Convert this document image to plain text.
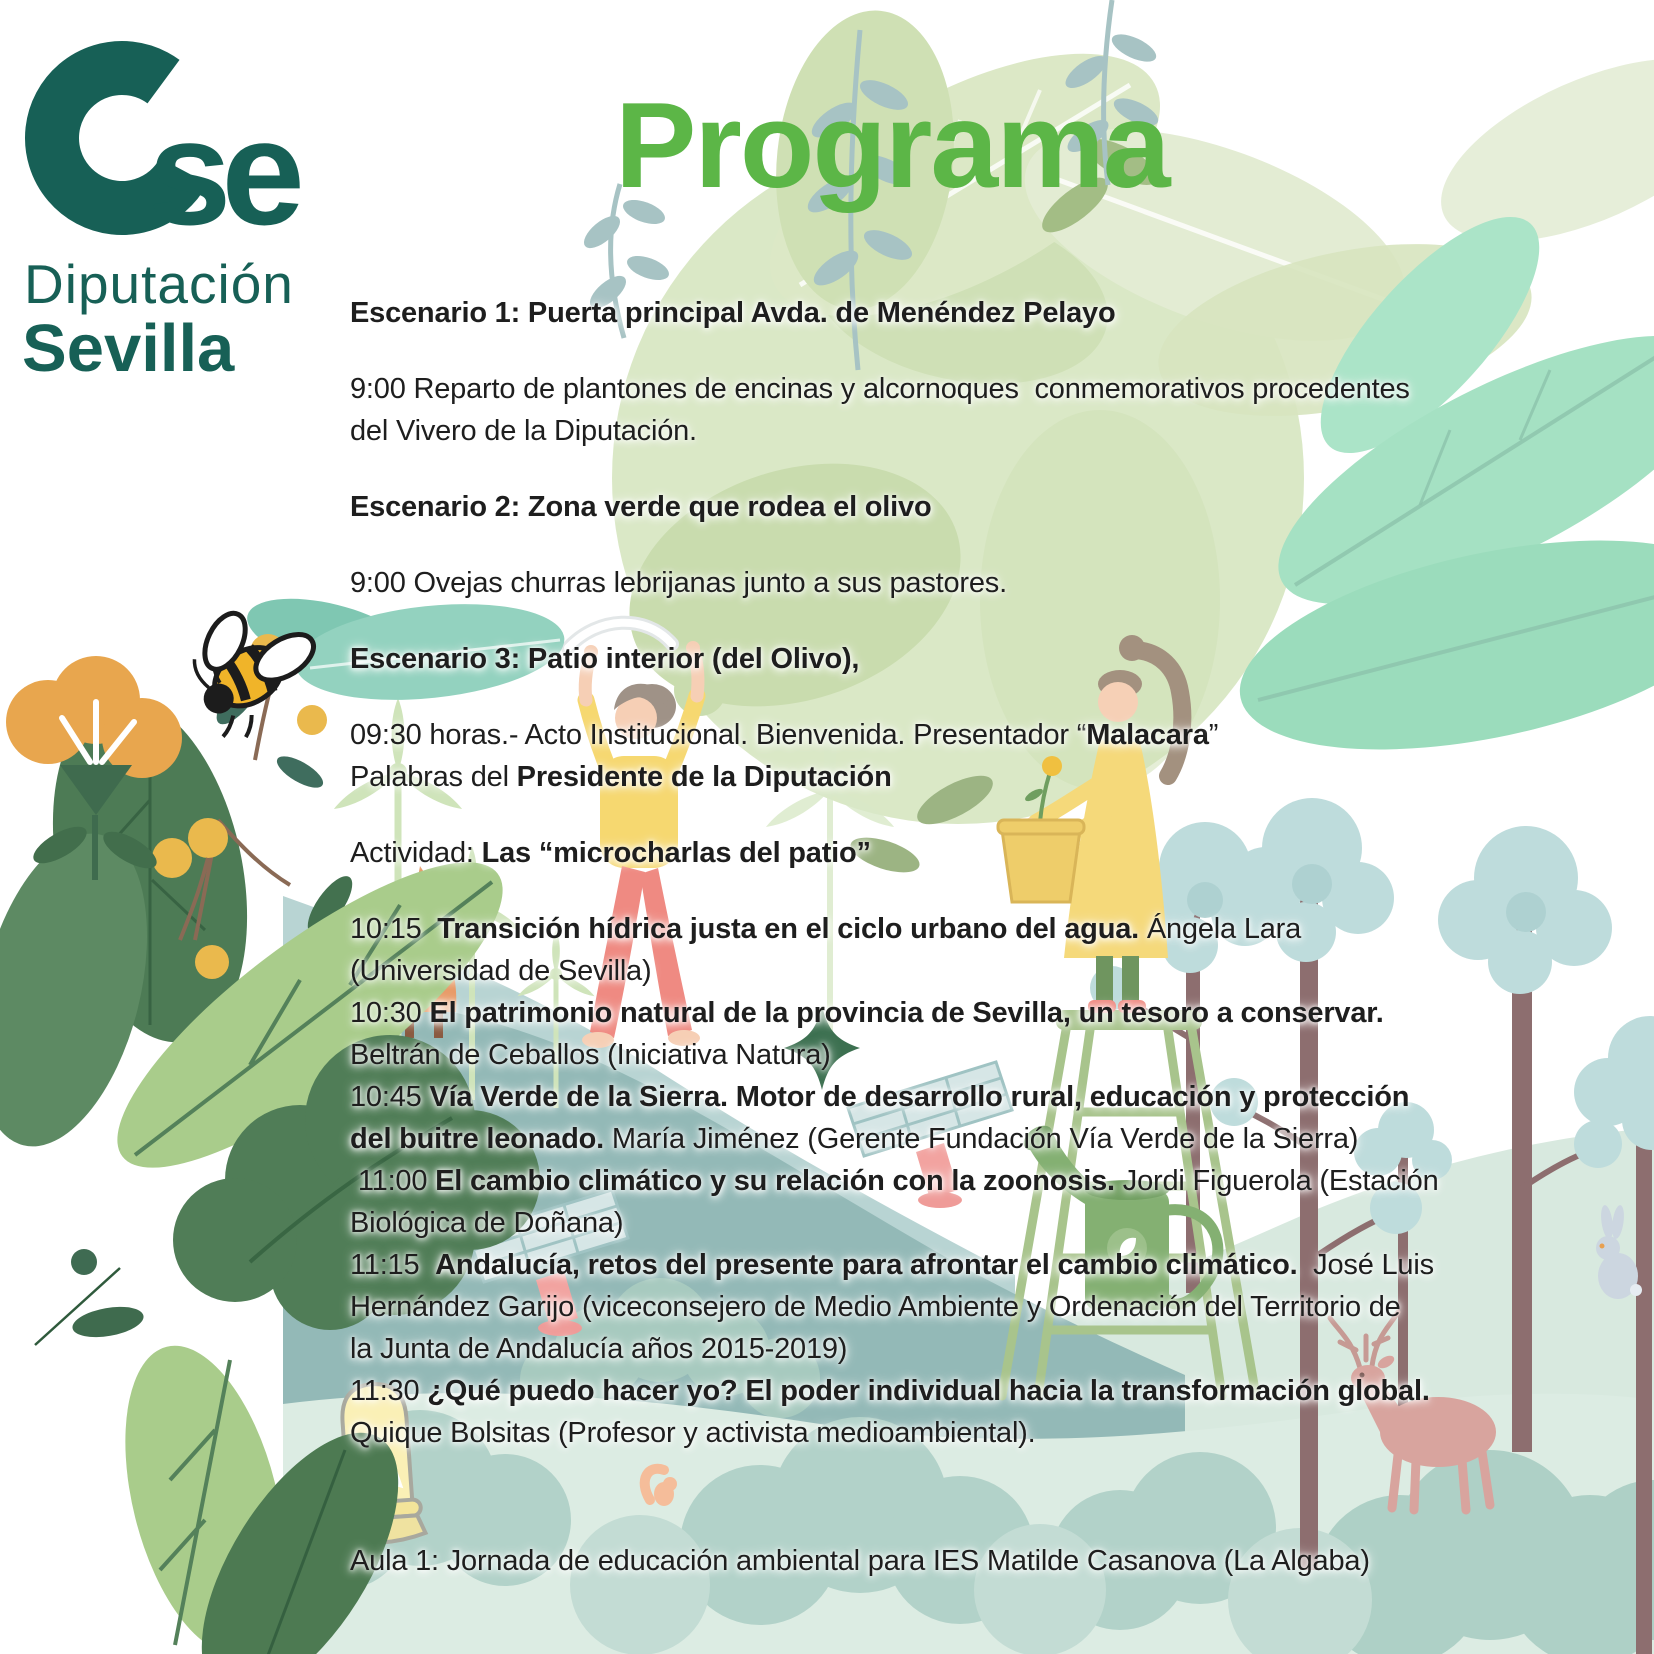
se
Diputación
Sevilla
Programa

Escenario 1: Puerta principal Avda. de Menéndez Pelayo

9:00 Reparto de plantones de encinas y alcornoques  conmemorativos procedentes
del Vivero de la Diputación.

Escenario 2: Zona verde que rodea el olivo

9:00 Ovejas churras lebrijanas junto a sus pastores.

Escenario 3: Patio interior (del Olivo),

09:30 horas.- Acto Institucional. Bienvenida. Presentador “Malacara”
Palabras del Presidente de la Diputación

Actividad: Las “microcharlas del patio”

10:15  Transición hídrica justa en el ciclo urbano del agua. Ángela Lara
(Universidad de Sevilla)

10:30 El patrimonio natural de la provincia de Sevilla, un tesoro a conservar.
Beltrán de Ceballos (Iniciativa Natura)

10:45 Vía Verde de la Sierra. Motor de desarrollo rural, educación y protección
del buitre leonado. María Jiménez (Gerente Fundación Vía Verde de la Sierra)

11:00 El cambio climático y su relación con la zoonosis. Jordi Figuerola (Estación
Biológica de Doñana)

11:15  Andalucía, retos del presente para afrontar el cambio climático.  José Luis
Hernández Garijo (viceconsejero de Medio Ambiente y Ordenación del Territorio de
la Junta de Andalucía años 2015-2019)

11:30 ¿Qué puedo hacer yo? El poder individual hacia la transformación global.
Quique Bolsitas (Profesor y activista medioambiental).

Aula 1: Jornada de educación ambiental para IES Matilde Casanova (La Algaba)
